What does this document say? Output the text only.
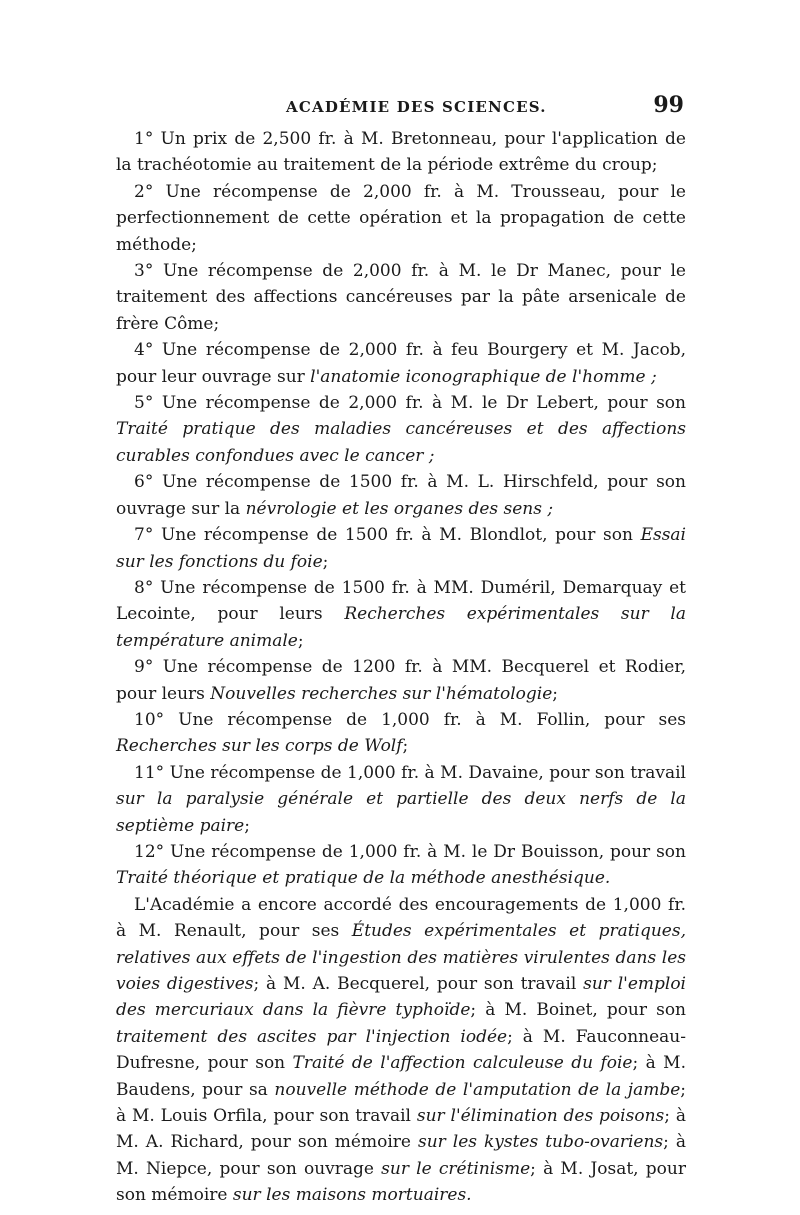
ACADÉMIE DES SCIENCES.	99

1° Un prix de 2,500 fr. à M. Bretonneau, pour l'application de la trachéotomie au traitement de la période extrême du croup;

2° Une récompense de 2,000 fr. à M. Trousseau, pour le perfectionnement de cette opération et la propagation de cette méthode;

3° Une récompense de 2,000 fr. à M. le Dr Manec, pour le traitement des affections cancéreuses par la pâte arsenicale de frère Côme;

4° Une récompense de 2,000 fr. à feu Bourgery et M. Jacob, pour leur ouvrage sur l'anatomie iconographique de l'homme ;

5° Une récompense de 2,000 fr. à M. le Dr Lebert, pour son Traité pratique des maladies cancéreuses et des affections curables confondues avec le cancer ;

6° Une récompense de 1500 fr. à M. L. Hirschfeld, pour son ouvrage sur la névrologie et les organes des sens ;

7° Une récompense de 1500 fr. à M. Blondlot, pour son Essai sur les fonctions du foie;

8° Une récompense de 1500 fr. à MM. Duméril, Demarquay et Lecointe, pour leurs Recherches expérimentales sur la température animale;

9° Une récompense de 1200 fr. à MM. Becquerel et Rodier, pour leurs Nouvelles recherches sur l'hématologie;

10° Une récompense de 1,000 fr. à M. Follin, pour ses Recherches sur les corps de Wolf;

11° Une récompense de 1,000 fr. à M. Davaine, pour son travail sur la paralysie générale et partielle des deux nerfs de la septième paire;

12° Une récompense de 1,000 fr. à M. le Dr Bouisson, pour son Traité théorique et pratique de la méthode anesthésique.

L'Académie a encore accordé des encouragements de 1,000 fr. à M. Renault, pour ses Études expérimentales et pratiques, relatives aux effets de l'ingestion des matières virulentes dans les voies digestives; à M. A. Becquerel, pour son travail sur l'emploi des mercuriaux dans la fièvre typhoïde; à M. Boinet, pour son traitement des ascites par l'injection iodée; à M. Fauconneau-Dufresne, pour son Traité de l'affection calculeuse du foie; à M. Baudens, pour sa nouvelle méthode de l'amputation de la jambe; à M. Louis Orfila, pour son travail sur l'élimination des poisons; à M. A. Richard, pour son mémoire sur les kystes tubo-ovariens; à M. Niepce, pour son ouvrage sur le crétinisme; à M. Josat, pour son mémoire sur les maisons mortuaires.
